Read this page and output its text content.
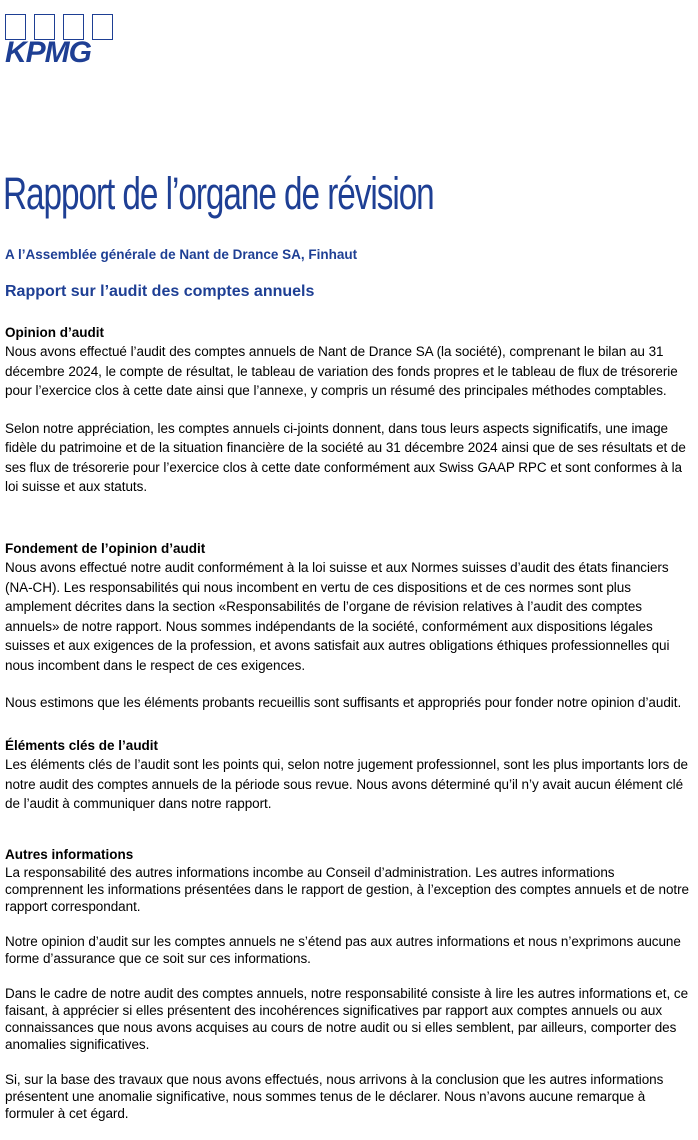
KPMG
Rapport de l’organe de révision

A l’Assemblée générale de Nant de Drance SA, Finhaut

Rapport sur l’audit des comptes annuels
Opinion d’audit

Nous avons effectué l’audit des comptes annuels de Nant de Drance SA (la société), comprenant le bilan au 31 décembre 2024, le compte de résultat, le tableau de variation des fonds propres et le tableau de flux de trésorerie pour l’exercice clos à cette date ainsi que l’annexe, y compris un résumé des principales méthodes comptables.

Selon notre appréciation, les comptes annuels ci-joints donnent, dans tous leurs aspects significatifs, une image fidèle du patrimoine et de la situation financière de la société au 31 décembre 2024 ainsi que de ses résultats et de ses flux de trésorerie pour l’exercice clos à cette date conformément aux Swiss GAAP RPC et sont conformes à la loi suisse et aux statuts.

Fondement de l’opinion d’audit

Nous avons effectué notre audit conformément à la loi suisse et aux Normes suisses d’audit des états financiers (NA-CH). Les responsabilités qui nous incombent en vertu de ces dispositions et de ces normes sont plus amplement décrites dans la section «Responsabilités de l’organe de révision relatives à l’audit des comptes annuels» de notre rapport. Nous sommes indépendants de la société, conformément aux dispositions légales suisses et aux exigences de la profession, et avons satisfait aux autres obligations éthiques professionnelles qui nous incombent dans le respect de ces exigences.

Nous estimons que les éléments probants recueillis sont suffisants et appropriés pour fonder notre opinion d’audit.

Éléments clés de l’audit

Les éléments clés de l’audit sont les points qui, selon notre jugement professionnel, sont les plus importants lors de notre audit des comptes annuels de la période sous revue. Nous avons déterminé qu’il n’y avait aucun élément clé de l’audit à communiquer dans notre rapport.

Autres informations

La responsabilité des autres informations incombe au Conseil d’administration. Les autres informations comprennent les informations présentées dans le rapport de gestion, à l’exception des comptes annuels et de notre rapport correspondant.

Notre opinion d’audit sur les comptes annuels ne s’étend pas aux autres informations et nous n’exprimons aucune forme d’assurance que ce soit sur ces informations.

Dans le cadre de notre audit des comptes annuels, notre responsabilité consiste à lire les autres informations et, ce faisant, à apprécier si elles présentent des incohérences significatives par rapport aux comptes annuels ou aux connaissances que nous avons acquises au cours de notre audit ou si elles semblent, par ailleurs, comporter des anomalies significatives.

Si, sur la base des travaux que nous avons effectués, nous arrivons à la conclusion que les autres informations présentent une anomalie significative, nous sommes tenus de le déclarer. Nous n’avons aucune remarque à formuler à cet égard.
